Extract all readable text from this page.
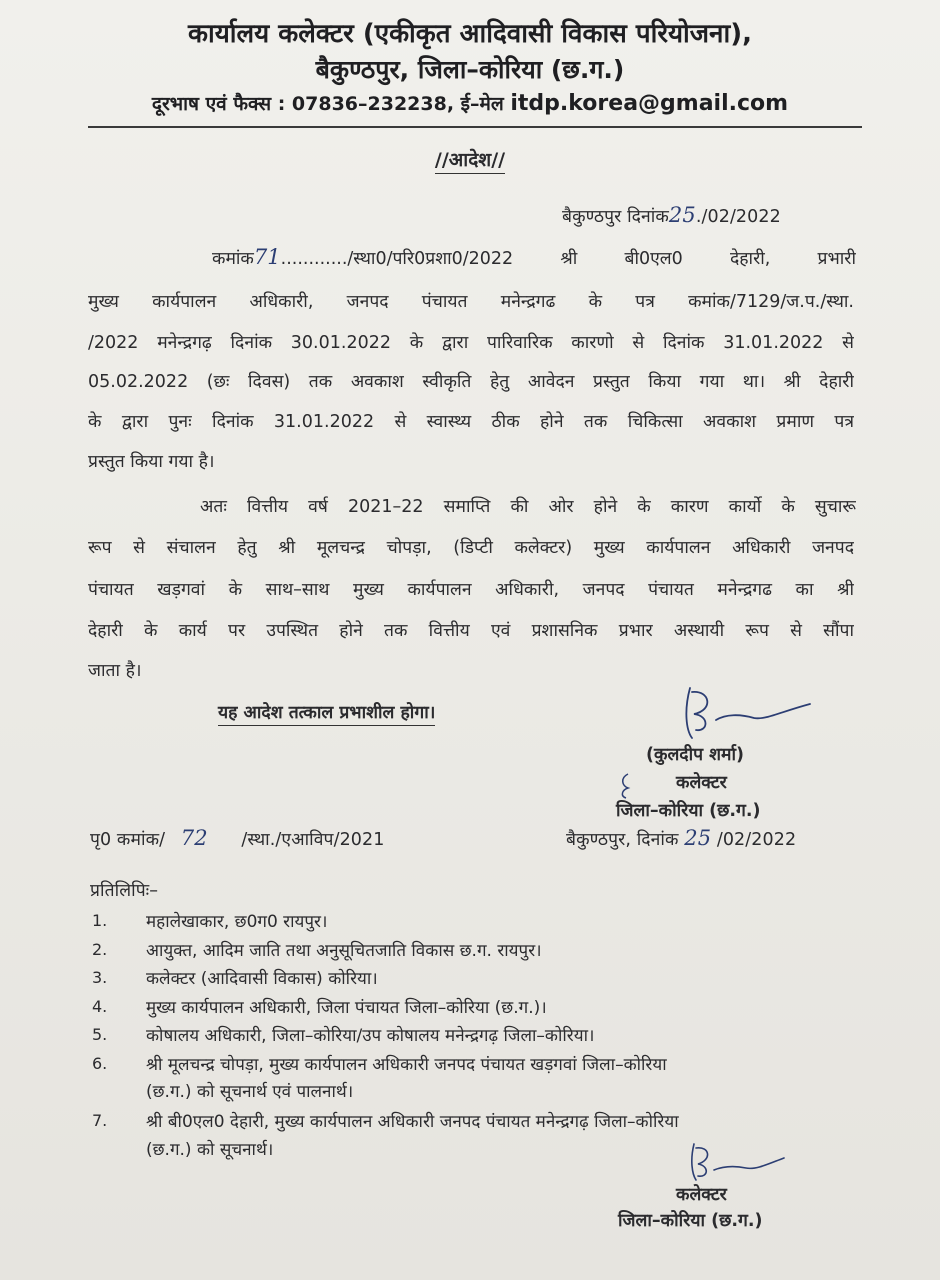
कार्यालय कलेक्टर (एकीकृत आदिवासी विकास परियोजना),
बैकुण्ठपुर, जिला–कोरिया (छ.ग.)
दूरभाष एवं फैक्स : 07836–232238, ई–मेल itdp.korea@gmail.com
//आदेश//
बैकुण्ठपुर दिनांक25./02/2022
कमांक71............/स्था0/परि0प्रशा0/2022 श्री बी0एल0 देहारी, प्रभारी
मुख्य कार्यपालन अधिकारी, जनपद पंचायत मनेन्द्रगढ के पत्र कमांक/7129/ज.प./स्था.
/2022 मनेन्द्रगढ़ दिनांक 30.01.2022 के द्वारा पारिवारिक कारणो से दिनांक 31.01.2022 से
05.02.2022 (छः दिवस) तक अवकाश स्वीकृति हेतु आवेदन प्रस्तुत किया गया था। श्री देहारी
के द्वारा पुनः दिनांक 31.01.2022 से स्वास्थ्य ठीक होने तक चिकित्सा अवकाश प्रमाण पत्र
प्रस्तुत किया गया है।
अतः वित्तीय वर्ष 2021–22 समाप्ति की ओर होने के कारण कार्यो के सुचारू
रूप से संचालन हेतु श्री मूलचन्द्र चोपड़ा, (डिप्टी कलेक्टर) मुख्य कार्यपालन अधिकारी जनपद
पंचायत खड़गवां के साथ–साथ मुख्य कार्यपालन अधिकारी, जनपद पंचायत मनेन्द्रगढ का श्री
देहारी के कार्य पर उपस्थित होने तक वित्तीय एवं प्रशासनिक प्रभार अस्थायी रूप से सौंपा
जाता है।
यह आदेश तत्काल प्रभाशील होगा।
(कुलदीप शर्मा)
कलेक्टर
जिला–कोरिया (छ.ग.)
पृ0 कमांक/ 72 /स्था./एआविप/2021	बैकुण्ठपुर, दिनांक 25 /02/2022
प्रतिलिपिः–
1. महालेखाकार, छ0ग0 रायपुर।
2. आयुक्त, आदिम जाति तथा अनुसूचितजाति विकास छ.ग. रायपुर।
3. कलेक्टर (आदिवासी विकास) कोरिया।
4. मुख्य कार्यपालन अधिकारी, जिला पंचायत जिला–कोरिया (छ.ग.)।
5. कोषालय अधिकारी, जिला–कोरिया/उप कोषालय मनेन्द्रगढ़ जिला–कोरिया।
6. श्री मूलचन्द्र चोपड़ा, मुख्य कार्यपालन अधिकारी जनपद पंचायत खड़गवां जिला–कोरिया
(छ.ग.) को सूचनार्थ एवं पालनार्थ।
7. श्री बी0एल0 देहारी, मुख्य कार्यपालन अधिकारी जनपद पंचायत मनेन्द्रगढ़ जिला–कोरिया
(छ.ग.) को सूचनार्थ।
कलेक्टर
जिला–कोरिया (छ.ग.)
